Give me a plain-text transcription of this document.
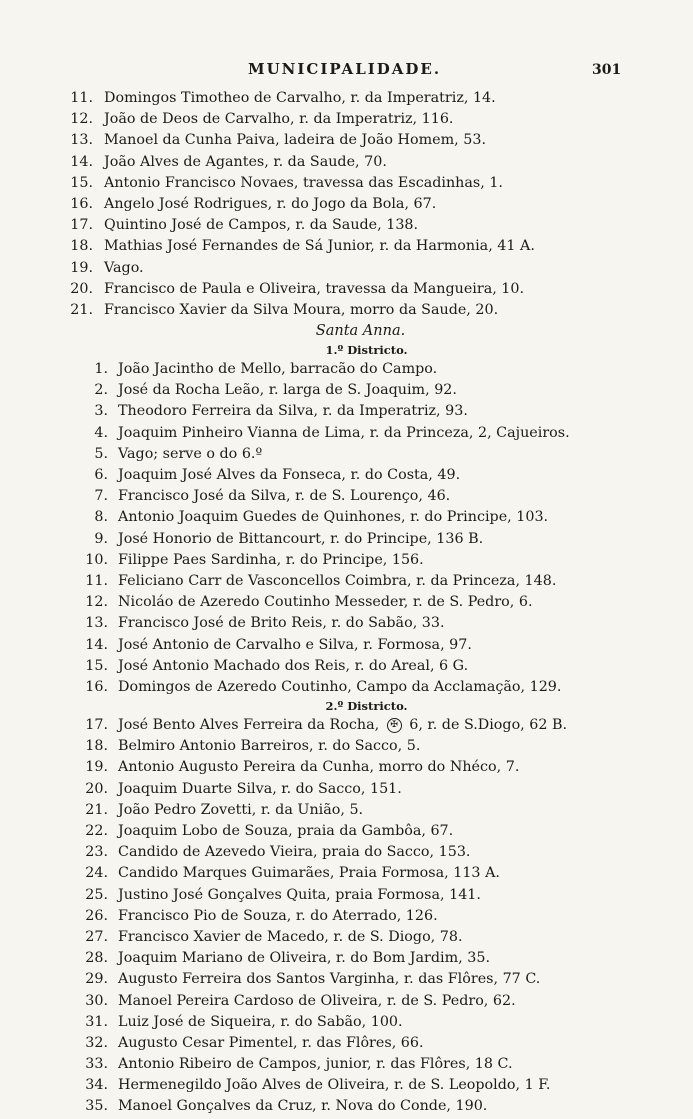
MUNICIPALIDADE.	301
11. Domingos Timotheo de Carvalho, r. da Imperatriz, 14.
12. João de Deos de Carvalho, r. da Imperatriz, 116.
13. Manoel da Cunha Paiva, ladeira de João Homem, 53.
14. João Alves de Agantes, r. da Saude, 70.
15. Antonio Francisco Novaes, travessa das Escadinhas, 1.
16. Angelo José Rodrigues, r. do Jogo da Bola, 67.
17. Quintino José de Campos, r. da Saude, 138.
18. Mathias José Fernandes de Sá Junior, r. da Harmonia, 41 A.
19. Vago.
20. Francisco de Paula e Oliveira, travessa da Mangueira, 10.
21. Francisco Xavier da Silva Moura, morro da Saude, 20.
Santa Anna.
1.º Districto.
1. João Jacintho de Mello, barracão do Campo.
2. José da Rocha Leão, r. larga de S. Joaquim, 92.
3. Theodoro Ferreira da Silva, r. da Imperatriz, 93.
4. Joaquim Pinheiro Vianna de Lima, r. da Princeza, 2, Cajueiros.
5. Vago; serve o do 6.º
6. Joaquim José Alves da Fonseca, r. do Costa, 49.
7. Francisco José da Silva, r. de S. Lourenço, 46.
8. Antonio Joaquim Guedes de Quinhones, r. do Principe, 103.
9. José Honorio de Bittancourt, r. do Principe, 136 B.
10. Filippe Paes Sardinha, r. do Principe, 156.
11. Feliciano Carr de Vasconcellos Coimbra, r. da Princeza, 148.
12. Nicoláo de Azeredo Coutinho Messeder, r. de S. Pedro, 6.
13. Francisco José de Brito Reis, r. do Sabão, 33.
14. José Antonio de Carvalho e Silva, r. Formosa, 97.
15. José Antonio Machado dos Reis, r. do Areal, 6 G.
16. Domingos de Azeredo Coutinho, Campo da Acclamação, 129.
2.º Districto.
17. José Bento Alves Ferreira da Rocha, ✠ 6, r. de S.Diogo, 62 B.
18. Belmiro Antonio Barreiros, r. do Sacco, 5.
19. Antonio Augusto Pereira da Cunha, morro do Nhéco, 7.
20. Joaquim Duarte Silva, r. do Sacco, 151.
21. João Pedro Zovetti, r. da União, 5.
22. Joaquim Lobo de Souza, praia da Gambôa, 67.
23. Candido de Azevedo Vieira, praia do Sacco, 153.
24. Candido Marques Guimarães, Praia Formosa, 113 A.
25. Justino José Gonçalves Quita, praia Formosa, 141.
26. Francisco Pio de Souza, r. do Aterrado, 126.
27. Francisco Xavier de Macedo, r. de S. Diogo, 78.
28. Joaquim Mariano de Oliveira, r. do Bom Jardim, 35.
29. Augusto Ferreira dos Santos Varginha, r. das Flôres, 77 C.
30. Manoel Pereira Cardoso de Oliveira, r. de S. Pedro, 62.
31. Luiz José de Siqueira, r. do Sabão, 100.
32. Augusto Cesar Pimentel, r. das Flôres, 66.
33. Antonio Ribeiro de Campos, junior, r. das Flôres, 18 C.
34. Hermenegildo João Alves de Oliveira, r. de S. Leopoldo, 1 F.
35. Manoel Gonçalves da Cruz, r. Nova do Conde, 190.
